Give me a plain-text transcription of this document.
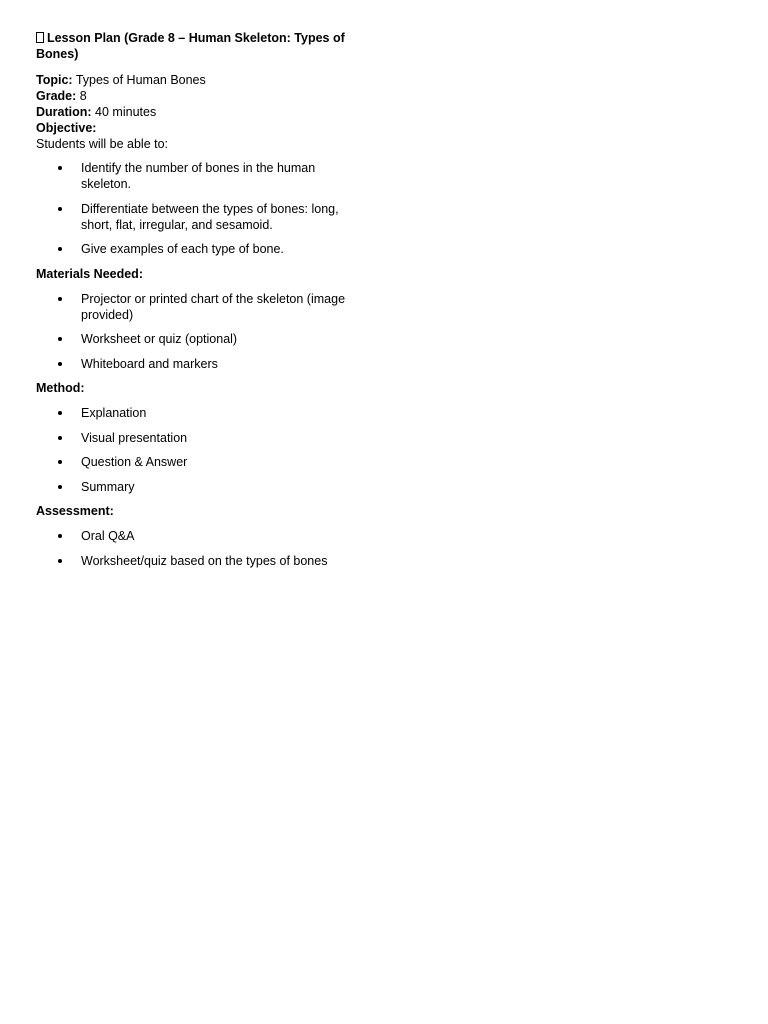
Lesson Plan (Grade 8 – Human Skeleton: Types of Bones)

Topic: Types of Human Bones

Grade: 8

Duration: 40 minutes

Objective:

Students will be able to:

Identify the number of bones in the human skeleton.
Differentiate between the types of bones: long, short, flat, irregular, and sesamoid.
Give examples of each type of bone.

Materials Needed:

Projector or printed chart of the skeleton (image provided)
Worksheet or quiz (optional)
Whiteboard and markers

Method:

Explanation
Visual presentation
Question & Answer
Summary

Assessment:

Oral Q&A
Worksheet/quiz based on the types of bones
